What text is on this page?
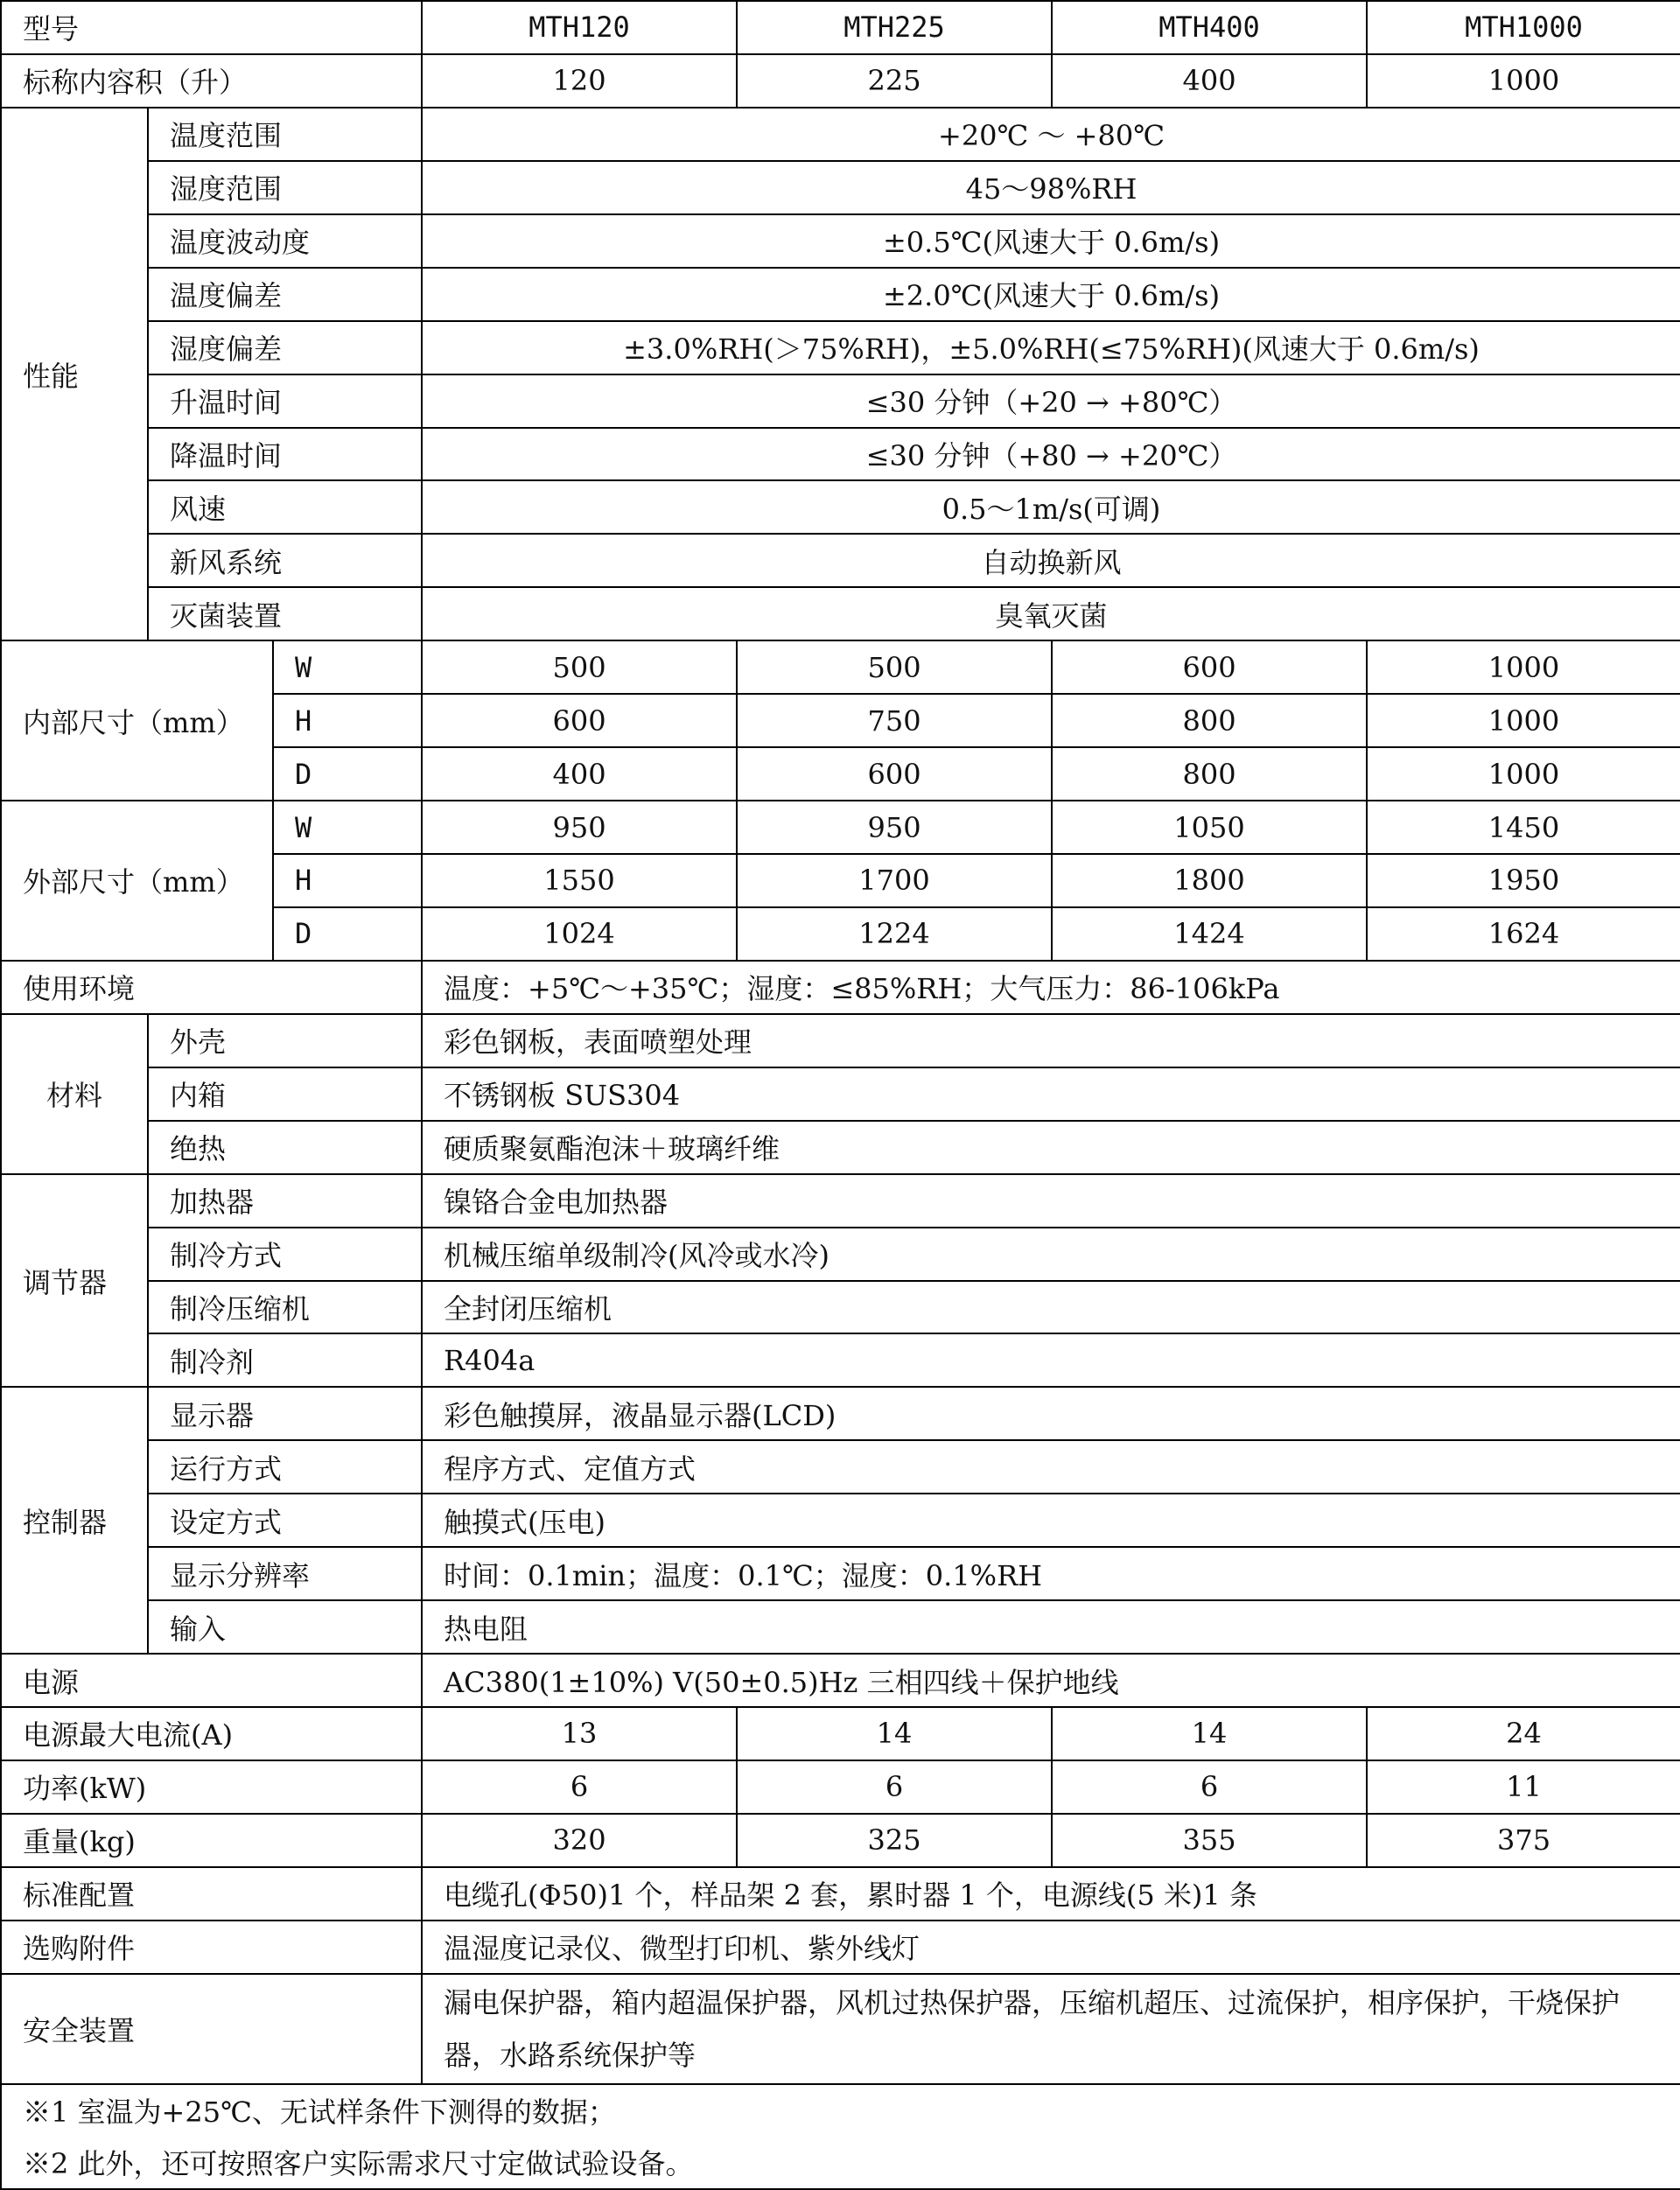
型号			MTH120	MTH225	MTH400	MTH1000
标称内容积（升）			120	225	400	1000
性能	温度范围		+20℃ ～ +80℃			
	湿度范围		45～98%RH			
	温度波动度		±0.5℃(风速大于 0.6m/s)			
	温度偏差		±2.0℃(风速大于 0.6m/s)			
	湿度偏差		±3.0%RH(＞75%RH)，±5.0%RH(≤75%RH)(风速大于 0.6m/s)			
	升温时间		≤30 分钟（+20 → +80℃）			
	降温时间		≤30 分钟（+80 → +20℃）			
	风速		0.5～1m/s(可调)			
	新风系统		自动换新风			
	灭菌装置		臭氧灭菌			
内部尺寸（mm）		W	500	500	600	1000
		H	600	750	800	1000
		D	400	600	800	1000
外部尺寸（mm）		W	950	950	1050	1450
		H	1550	1700	1800	1950
		D	1024	1224	1424	1624
使用环境			温度：+5℃～+35℃；湿度：≤85%RH；大气压力：86-106kPa			
材料	外壳		彩色钢板，表面喷塑处理			
	内箱		不锈钢板 SUS304			
	绝热		硬质聚氨酯泡沫＋玻璃纤维			
调节器	加热器		镍铬合金电加热器			
	制冷方式		机械压缩单级制冷(风冷或水冷)			
	制冷压缩机		全封闭压缩机			
	制冷剂		R404a			
控制器	显示器		彩色触摸屏，液晶显示器(LCD)			
	运行方式		程序方式、定值方式			
	设定方式		触摸式(压电)			
	显示分辨率		时间：0.1min；温度：0.1℃；湿度：0.1%RH			
	输入		热电阻			
电源			AC380(1±10%) V(50±0.5)Hz 三相四线＋保护地线			
电源最大电流(A)			13	14	14	24
功率(kW)			6	6	6	11
重量(kg)			320	325	355	375
标准配置			电缆孔(Φ50)1 个，样品架 2 套，累时器 1 个，电源线(5 米)1 条			
选购附件			温湿度记录仪、微型打印机、紫外线灯			
安全装置			漏电保护器，箱内超温保护器，风机过热保护器，压缩机超压、过流保护，相序保护，干烧保护器，水路系统保护等			
※1 室温为+25℃、无试样条件下测得的数据；						
※2 此外，还可按照客户实际需求尺寸定做试验设备。						
